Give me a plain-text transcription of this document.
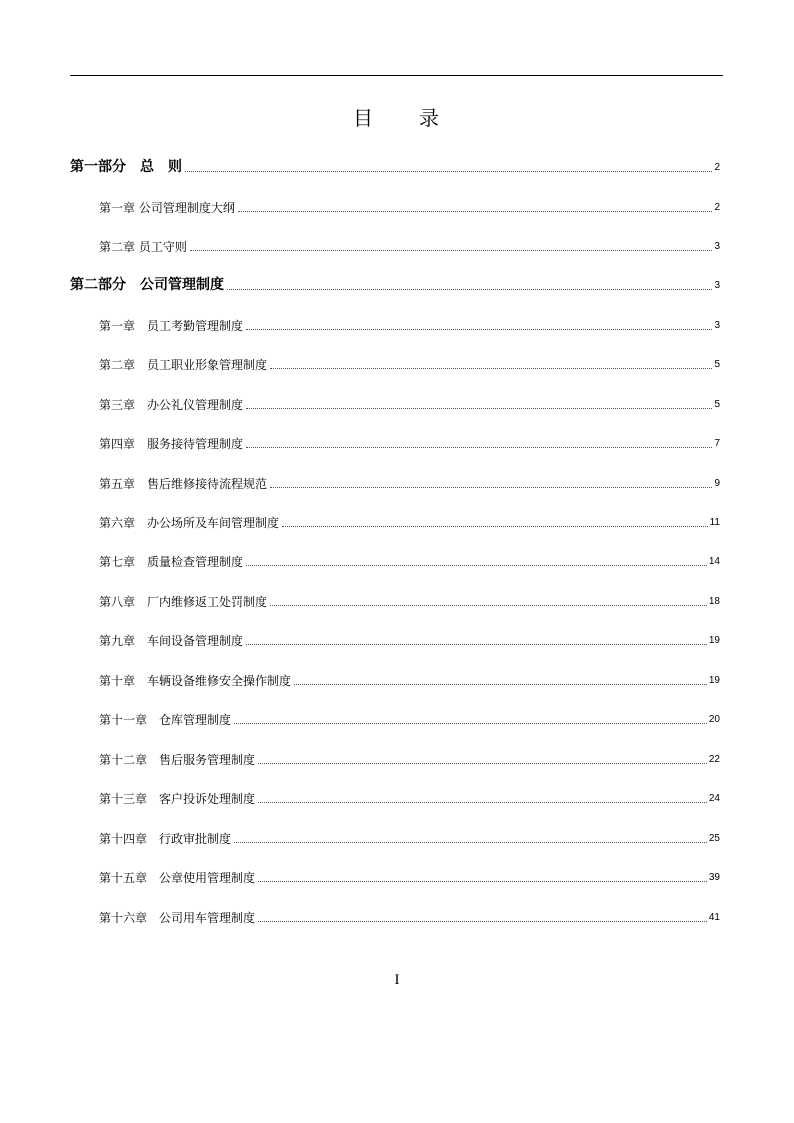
目　　录
第一部分　总　则	2
第一章 公司管理制度大纲	2
第二章 员工守则	3
第二部分　公司管理制度	3
第一章　员工考勤管理制度	3
第二章　员工职业形象管理制度	5
第三章　办公礼仪管理制度	5
第四章　服务接待管理制度	7
第五章　售后维修接待流程规范	9
第六章　办公场所及车间管理制度	11
第七章　质量检查管理制度	14
第八章　厂内维修返工处罚制度	18
第九章　车间设备管理制度	19
第十章　车辆设备维修安全操作制度	19
第十一章　仓库管理制度	20
第十二章　售后服务管理制度	22
第十三章　客户投诉处理制度	24
第十四章　行政审批制度	25
第十五章　公章使用管理制度	39
第十六章　公司用车管理制度	41
I
